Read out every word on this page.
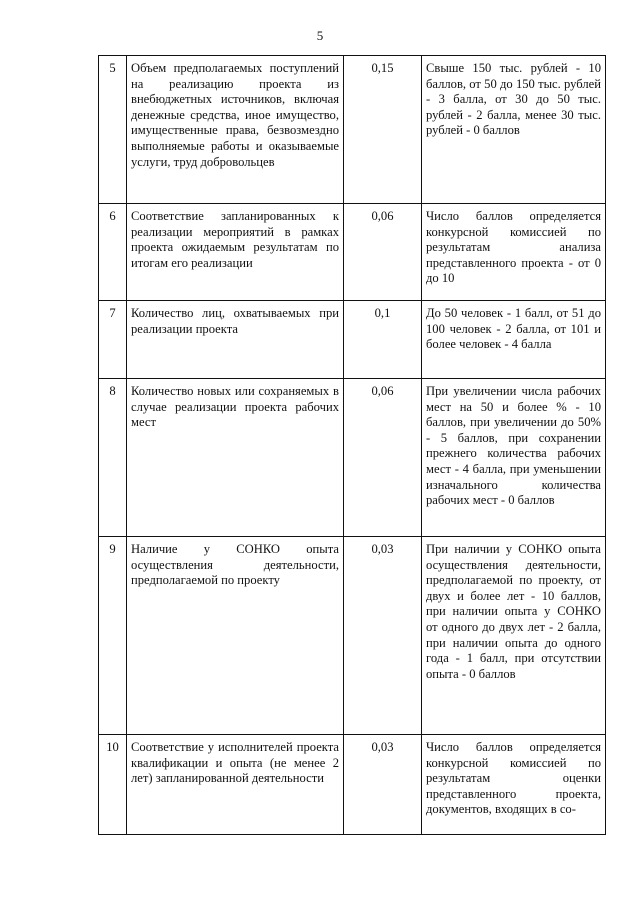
5
5	Объем предполагаемых поступлений на реализацию проекта из внебюджетных источников, включая денежные средства, иное имущество, имущественные права, безвозмездно выполняемые работы и оказываемые услуги, труд добровольцев	0,15	Свыше 150 тыс. рублей - 10 баллов, от 50 до 150 тыс. рублей - 3 балла, от 30 до 50 тыс. рублей - 2 балла, менее 30 тыс. рублей - 0 баллов
6	Соответствие запланированных к реализации мероприятий в рамках проекта ожидаемым результатам по итогам его реализации	0,06	Число баллов определяется конкурсной комиссией по результатам анализа представленного проекта - от 0 до 10
7	Количество лиц, охватываемых при реализации проекта	0,1	До 50 человек - 1 балл, от 51 до 100 человек - 2 балла, от 101 и более человек - 4 балла
8	Количество новых или сохраняемых в случае реализации проекта рабочих мест	0,06	При увеличении числа рабочих мест на 50 и более % - 10 баллов, при увеличении до 50% - 5 баллов, при сохранении прежнего количества рабочих мест - 4 балла, при уменьшении изначального количества рабочих мест - 0 баллов
9	Наличие у СОНКО опыта осуществления деятельности, предполагаемой по проекту	0,03	При наличии у СОНКО опыта осуществления деятельности, предполагаемой по проекту, от двух и более лет - 10 баллов, при наличии опыта у СОНКО от одного до двух лет - 2 балла, при наличии опыта до одного года - 1 балл, при отсутствии опыта - 0 баллов
10	Соответствие у исполнителей проекта квалификации и опыта (не менее 2 лет) запланированной деятельности	0,03	Число баллов определяется конкурсной комиссией по результатам оценки представленного проекта, документов, входящих в со-
